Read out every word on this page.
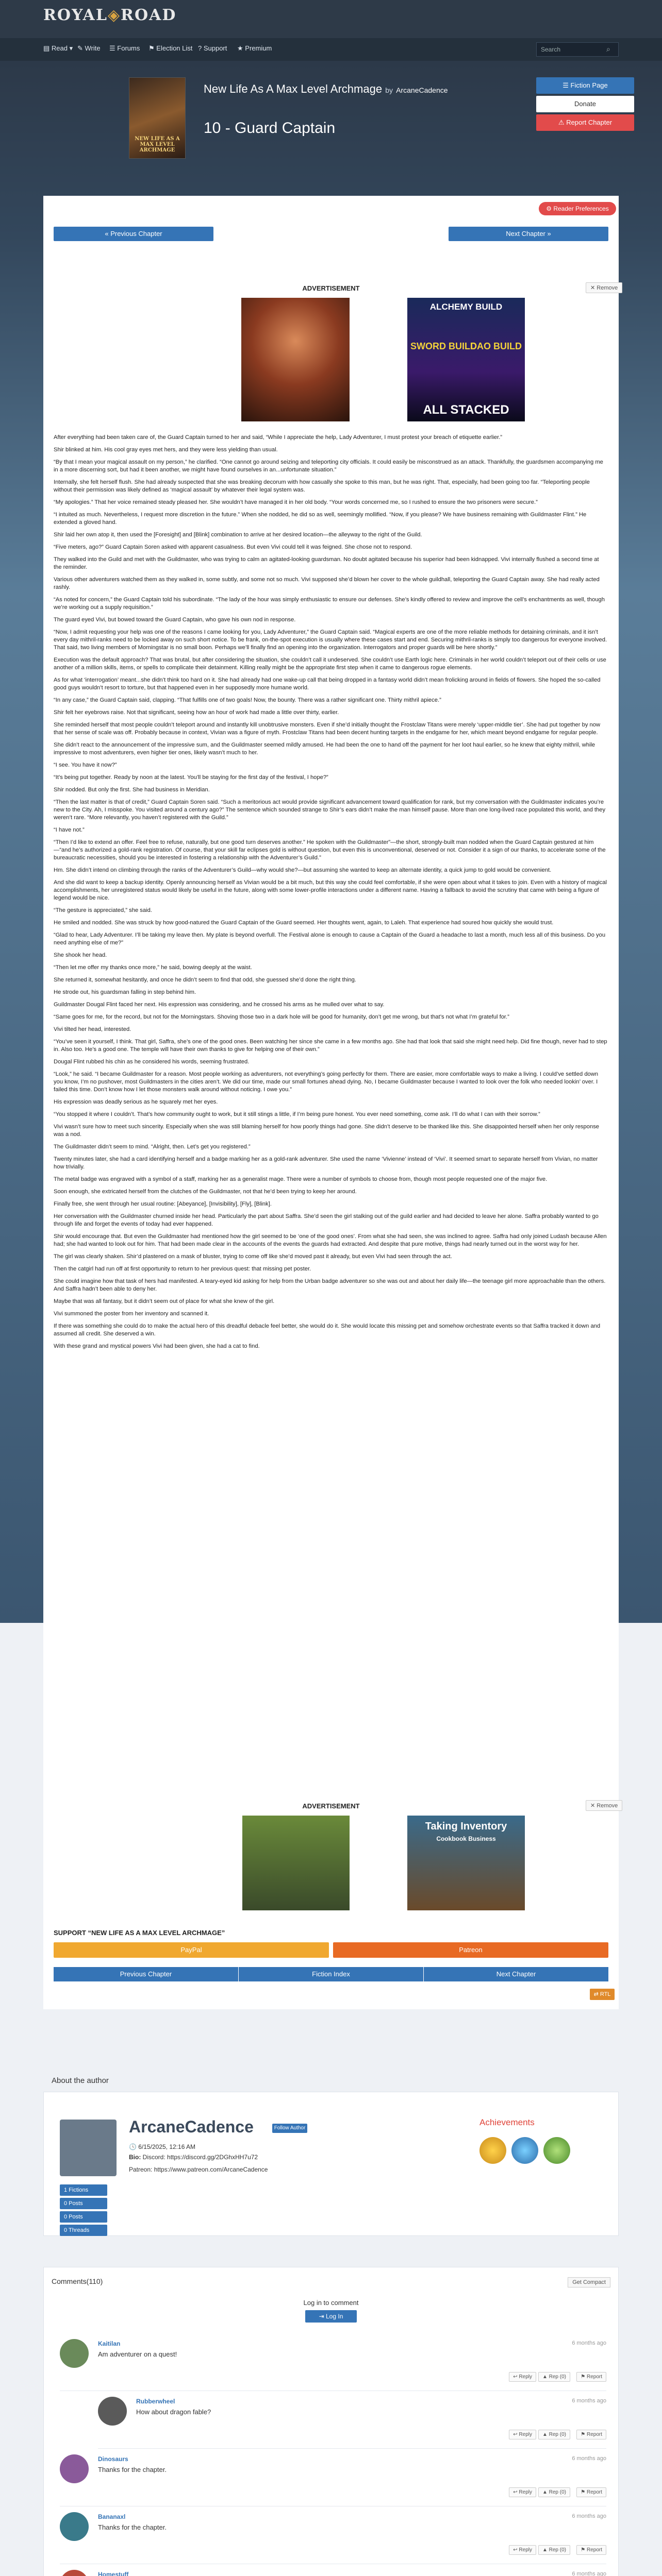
ROYAL◈ROAD
▤ Read ▾ ✎ Write ☰ Forums ⚑ Election List ? Support ★ Premium	Search	⌕
NEW LIFE AS A MAX LEVEL ARCHMAGE
New Life As A Max Level Archmage by ArcaneCadence
10 - Guard Captain
☰ Fiction Page
Donate
⚠ Report Chapter
⚙ Reader Preferences
« Previous Chapter	Next Chapter »
ADVERTISEMENT	✕ Remove
ALCHEMY BUILD
SWORD BUILD
DAO BUILD
ALL STACKED

After everything had been taken care of, the Guard Captain turned to her and said, “While I appreciate the help, Lady Adventurer, I must protest your breach of etiquette earlier.”

Shir blinked at him. His cool gray eyes met hers, and they were less yielding than usual.

“By that I mean your magical assault on my person,” he clarified. “One cannot go around seizing and teleporting city officials. It could easily be misconstrued as an attack. Thankfully, the guardsmen accompanying me in a more discerning sort, but had it been another, we might have found ourselves in an...unfortunate situation.”

Internally, she felt herself flush. She had already suspected that she was breaking decorum with how casually she spoke to this man, but he was right. That, especially, had been going too far. “Teleporting people without their permission was likely defined as ‘magical assault’ by whatever their legal system was.

“My apologies.” That her voice remained steady pleased her. She wouldn’t have managed it in her old body. “Your words concerned me, so I rushed to ensure the two prisoners were secure.”

“I intuited as much. Nevertheless, I request more discretion in the future.” When she nodded, he did so as well, seemingly mollified. “Now, if you please? We have business remaining with Guildmaster Flint.” He extended a gloved hand.

Shir laid her own atop it, then used the [Foresight] and [Blink] combination to arrive at her desired location—the alleyway to the right of the Guild.

“Five meters, ago?” Guard Captain Soren asked with apparent casualness. But even Vivi could tell it was feigned. She chose not to respond.

They walked into the Guild and met with the Guildmaster, who was trying to calm an agitated-looking guardsman. No doubt agitated because his superior had been kidnapped. Vivi internally flushed a second time at the reminder.

Various other adventurers watched them as they walked in, some subtly, and some not so much. Vivi supposed she’d blown her cover to the whole guildhall, teleporting the Guard Captain away. She had really acted rashly.

“As noted for concern,” the Guard Captain told his subordinate. “The lady of the hour was simply enthusiastic to ensure our defenses. She’s kindly offered to review and improve the cell’s enchantments as well, though we’re working out a supply requisition.”

The guard eyed Vivi, but bowed toward the Guard Captain, who gave his own nod in response.

“Now, I admit requesting your help was one of the reasons I came looking for you, Lady Adventurer,” the Guard Captain said. “Magical experts are one of the more reliable methods for detaining criminals, and it isn’t every day mithril-ranks need to be locked away on such short notice. To be frank, on-the-spot execution is usually where these cases start and end. Securing mithril-ranks is simply too dangerous for everyone involved. That said, two living members of Morningstar is no small boon. Perhaps we’ll finally find an opening into the organization. Interrogators and proper guards will be here shortly.”

Execution was the default approach? That was brutal, but after considering the situation, she couldn’t call it undeserved. She couldn’t use Earth logic here. Criminals in her world couldn’t teleport out of their cells or use another of a million skills, items, or spells to complicate their detainment. Killing really might be the appropriate first step when it came to dangerous rogue elements.

As for what ‘interrogation’ meant...she didn’t think too hard on it. She had already had one wake-up call that being dropped in a fantasy world didn’t mean frolicking around in fields of flowers. She hoped the so-called good guys wouldn’t resort to torture, but that happened even in her supposedly more humane world.

“In any case,” the Guard Captain said, clapping. “That fulfills one of two goals! Now, the bounty. There was a rather significant one. Thirty mithril apiece.”

Shir felt her eyebrows raise. Not that significant, seeing how an hour of work had made a little over thirty, earlier.

She reminded herself that most people couldn’t teleport around and instantly kill unobtrusive monsters. Even if she’d initially thought the Frostclaw Titans were merely ‘upper-middle tier’. She had put together by now that her sense of scale was off. Probably because in context, Vivian was a figure of myth. Frostclaw Titans had been decent hunting targets in the endgame for her, which meant beyond endgame for regular people.

She didn’t react to the announcement of the impressive sum, and the Guildmaster seemed mildly amused. He had been the one to hand off the payment for her loot haul earlier, so he knew that eighty mithril, while impressive to most adventurers, even higher tier ones, likely wasn’t much to her.

“I see. You have it now?”

“It’s being put together. Ready by noon at the latest. You’ll be staying for the first day of the festival, I hope?”

Shir nodded. But only the first. She had business in Meridian.

“Then the last matter is that of credit,” Guard Captain Soren said. “Such a meritorious act would provide significant advancement toward qualification for rank, but my conversation with the Guildmaster indicates you’re new to the City. Ah, I misspoke. You visited around a century ago?” The sentence which sounded strange to Shir’s ears didn’t make the man himself pause. More than one long-lived race populated this world, and they weren’t rare. “More relevantly, you haven’t registered with the Guild.”

“I have not.”

“Then I’d like to extend an offer. Feel free to refuse, naturally, but one good turn deserves another.” He spoken with the Guildmaster”—the short, strongly-built man nodded when the Guard Captain gestured at him—“and he’s authorized a gold-rank registration. Of course, that your skill far eclipses gold is without question, but even this is unconventional, deserved or not. Consider it a sign of our thanks, to accelerate some of the bureaucratic necessities, should you be interested in fostering a relationship with the Adventurer’s Guild.”

Hm. She didn’t intend on climbing through the ranks of the Adventurer’s Guild—why would she?—but assuming she wanted to keep an alternate identity, a quick jump to gold would be convenient.

And she did want to keep a backup identity. Openly announcing herself as Vivian would be a bit much, but this way she could feel comfortable, if she were open about what it takes to join. Even with a history of magical accomplishments, her unregistered status would likely be useful in the future, along with some lower-profile interactions under a different name. Having a fallback to avoid the scrutiny that came with being a figure of legend would be nice.

“The gesture is appreciated,” she said.

He smiled and nodded. She was struck by how good-natured the Guard Captain of the Guard seemed. Her thoughts went, again, to Laleh. That experience had soured how quickly she would trust.

“Glad to hear, Lady Adventurer. I’ll be taking my leave then. My plate is beyond overfull. The Festival alone is enough to cause a Captain of the Guard a headache to last a month, much less all of this business. Do you need anything else of me?”

She shook her head.

“Then let me offer my thanks once more,” he said, bowing deeply at the waist.

She returned it, somewhat hesitantly, and once he didn’t seem to find that odd, she guessed she’d done the right thing.

He strode out, his guardsman falling in step behind him.

Guildmaster Dougal Flint faced her next. His expression was considering, and he crossed his arms as he mulled over what to say.

“Same goes for me, for the record, but not for the Morningstars. Shoving those two in a dark hole will be good for humanity, don’t get me wrong, but that’s not what I’m grateful for.”

Vivi tilted her head, interested.

“You’ve seen it yourself, I think. That girl, Saffra, she’s one of the good ones. Been watching her since she came in a few months ago. She had that look that said she might need help. Did fine though, never had to step in. Also too. He’s a good one. The temple will have their own thanks to give for helping one of their own.”

Dougal Flint rubbed his chin as he considered his words, seeming frustrated.

“Look,” he said. “I became Guildmaster for a reason. Most people working as adventurers, not everything’s going perfectly for them. There are easier, more comfortable ways to make a living. I could’ve settled down you know, I’m no pushover, most Guildmasters in the cities aren’t. We did our time, made our small fortunes ahead dying. No, I became Guildmaster because I wanted to look over the folk who needed lookin’ over. I failed this time. Don’t know how I let those monsters walk around without noticing. I owe you.”

His expression was deadly serious as he squarely met her eyes.

“You stopped it where I couldn’t. That’s how community ought to work, but it still stings a little, if I’m being pure honest. You ever need something, come ask. I’ll do what I can with their sorrow.”

Vivi wasn’t sure how to meet such sincerity. Especially when she was still blaming herself for how poorly things had gone. She didn’t deserve to be thanked like this. She disappointed herself when her only response was a nod.

The Guildmaster didn’t seem to mind. “Alright, then. Let’s get you registered.”

Twenty minutes later, she had a card identifying herself and a badge marking her as a gold-rank adventurer. She used the name ‘Vivienne’ instead of ‘Vivi’. It seemed smart to separate herself from Vivian, no matter how trivially.

The metal badge was engraved with a symbol of a staff, marking her as a generalist mage. There were a number of symbols to choose from, though most people requested one of the major five.

Soon enough, she extricated herself from the clutches of the Guildmaster, not that he’d been trying to keep her around.

Finally free, she went through her usual routine: [Abeyance], [Invisibility], [Fly], [Blink].

Her conversation with the Guildmaster churned inside her head. Particularly the part about Saffra. She’d seen the girl stalking out of the guild earlier and had decided to leave her alone. Saffra probably wanted to go through life and forget the events of today had ever happened.

Shir would encourage that. But even the Guildmaster had mentioned how the girl seemed to be ‘one of the good ones’. From what she had seen, she was inclined to agree. Saffra had only joined Ludash because Allen had; she had wanted to look out for him. That had been made clear in the accounts of the events the guards had extracted. And despite that pure motive, things had nearly turned out in the worst way for her.

The girl was clearly shaken. Shir’d plastered on a mask of bluster, trying to come off like she’d moved past it already, but even Vivi had seen through the act.

Then the catgirl had run off at first opportunity to return to her previous quest: that missing pet poster.

She could imagine how that task of hers had manifested. A teary-eyed kid asking for help from the Urban badge adventurer so she was out and about her daily life—the teenage girl more approachable than the others. And Saffra hadn’t been able to deny her.

Maybe that was all fantasy, but it didn’t seem out of place for what she knew of the girl.

Vivi summoned the poster from her inventory and scanned it.

If there was something she could do to make the actual hero of this dreadful debacle feel better, she would do it. She would locate this missing pet and somehow orchestrate events so that Saffra tracked it down and assumed all credit. She deserved a win.

With these grand and mystical powers Vivi had been given, she had a cat to find.

ADVERTISEMENT	✕ Remove
Taking Inventory
Cookbook Business
SUPPORT “NEW LIFE AS A MAX LEVEL ARCHMAGE”
PayPal	Patreon
Previous Chapter	Fiction Index	Next Chapter
⇄ RTL
About the author
ArcaneCadence	Follow Author
🕓 6/15/2025, 12:16 AM
Bio: Discord: https://discord.gg/2DGhxHH7u72
Patreon: https://www.patreon.com/ArcaneCadence
Achievements
1 Fictions
0 Posts
0 Posts
0 Threads
Comments(110)	Get Compact
Log in to comment
⇥ Log In
Kaitilan
Am adventurer on a quest!
6 months ago
↩ Reply	▲ Rep (0)	⚑ Report
Rubberwheel
How about dragon fable?
6 months ago
↩ Reply	▲ Rep (0)	⚑ Report
Dinosaurs
Thanks for the chapter.
6 months ago
↩ Reply	▲ Rep (0)	⚑ Report
Bananaxl
Thanks for the chapter.
6 months ago
↩ Reply	▲ Rep (0)	⚑ Report
Homestuff	6 months ago
